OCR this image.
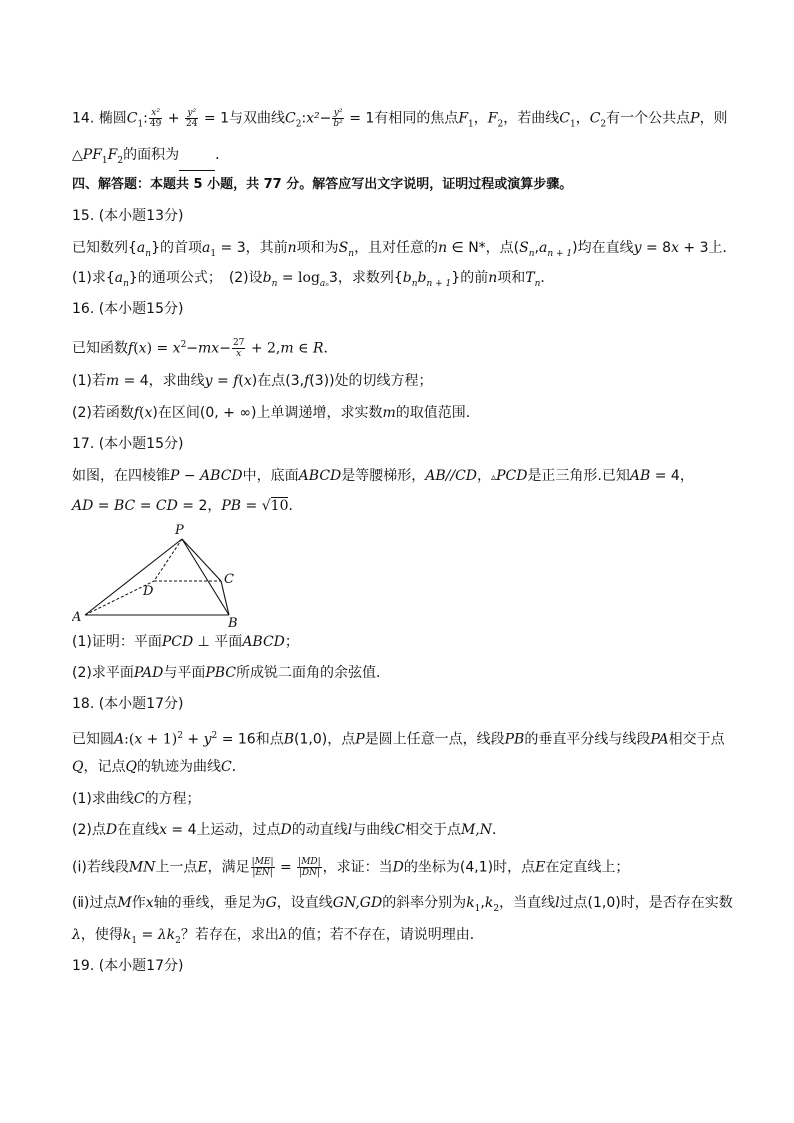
14. 椭圆$C_1$: $\frac{\text{x²}}{49} + \frac{\text{y²}}{24} = 1$与双曲线$C_2:x^2- \frac{\text{y²}}{\text{b²}} = 1$有相同的焦点$F_1$，$F_2$，若曲线$C_1$，$C_2$有一个公共点P，则
$\triangle PF_1F_2$的面积为	．
四、解答题：本题共 5 小题，共 77 分。解答应写出文字说明，证明过程或演算步骤。
15. (本小题13分)
已知数列$\{a_n\}$的首项$a_1 = 3$，其前n项和为$S_n$，且对任意的n ∈ N*，点$(S_n,a_{n + 1})$均在直线y = 8x + 3上．
(1)求$\{a_n\}$的通项公式；　(2)设$b_n = \log_{a_n}3$，求数列$\{b_nb_{n + 1}\}$的前n项和$T_n$．
16. (本小题15分)
已知函数$f(x) = x^2-mx- \frac{27}{x} + 2,m$ ∈ R．
(1)若m = 4，求曲线y = f(x)在点(3,f(3))处的切线方程；
(2)若函数f(x)在区间(0, + ∞)上单调递增，求实数m的取值范围．
17. (本小题15分)
如图，在四棱锥P − ABCD中，底面ABCD是等腰梯形，AB//CD，▵PCD是正三角形.已知AB = 4，
AD = BC = CD = 2，PB = √10．
P
A	B
C
D
(1)证明：平面PCD ⊥ 平面ABCD；
(2)求平面PAD与平面PBC所成锐二面角的余弦值．
18. (本小题17分)
已知圆A:(x + $1)^2 + y^2 = 16$和点B(1,0)，点P是圆上任意一点，线段PB的垂直平分线与线段PA相交于点
Q，记点Q的轨迹为曲线C．
(1)求曲线C的方程；
(2)点D在直线x = 4上运动，过点D的动直线l与曲线C相交于点M,N．
(ⅰ)若线段MN上一点E，满足 $\frac{|ME|}{|EN|} = \frac{|MD|}{|DN|}$ ，求证：当D的坐标为(4,1)时，点E在定直线上；
(ⅱ)过点M作x轴的垂线，垂足为G，设直线GN,GD的斜率分别为$k_1,k_2$，当直线l过点(1,0)时，是否存在实数
λ，使得$k_1 = \lambda k_2$？若存在，求出λ的值；若不存在，请说明理由．
19. (本小题17分)
